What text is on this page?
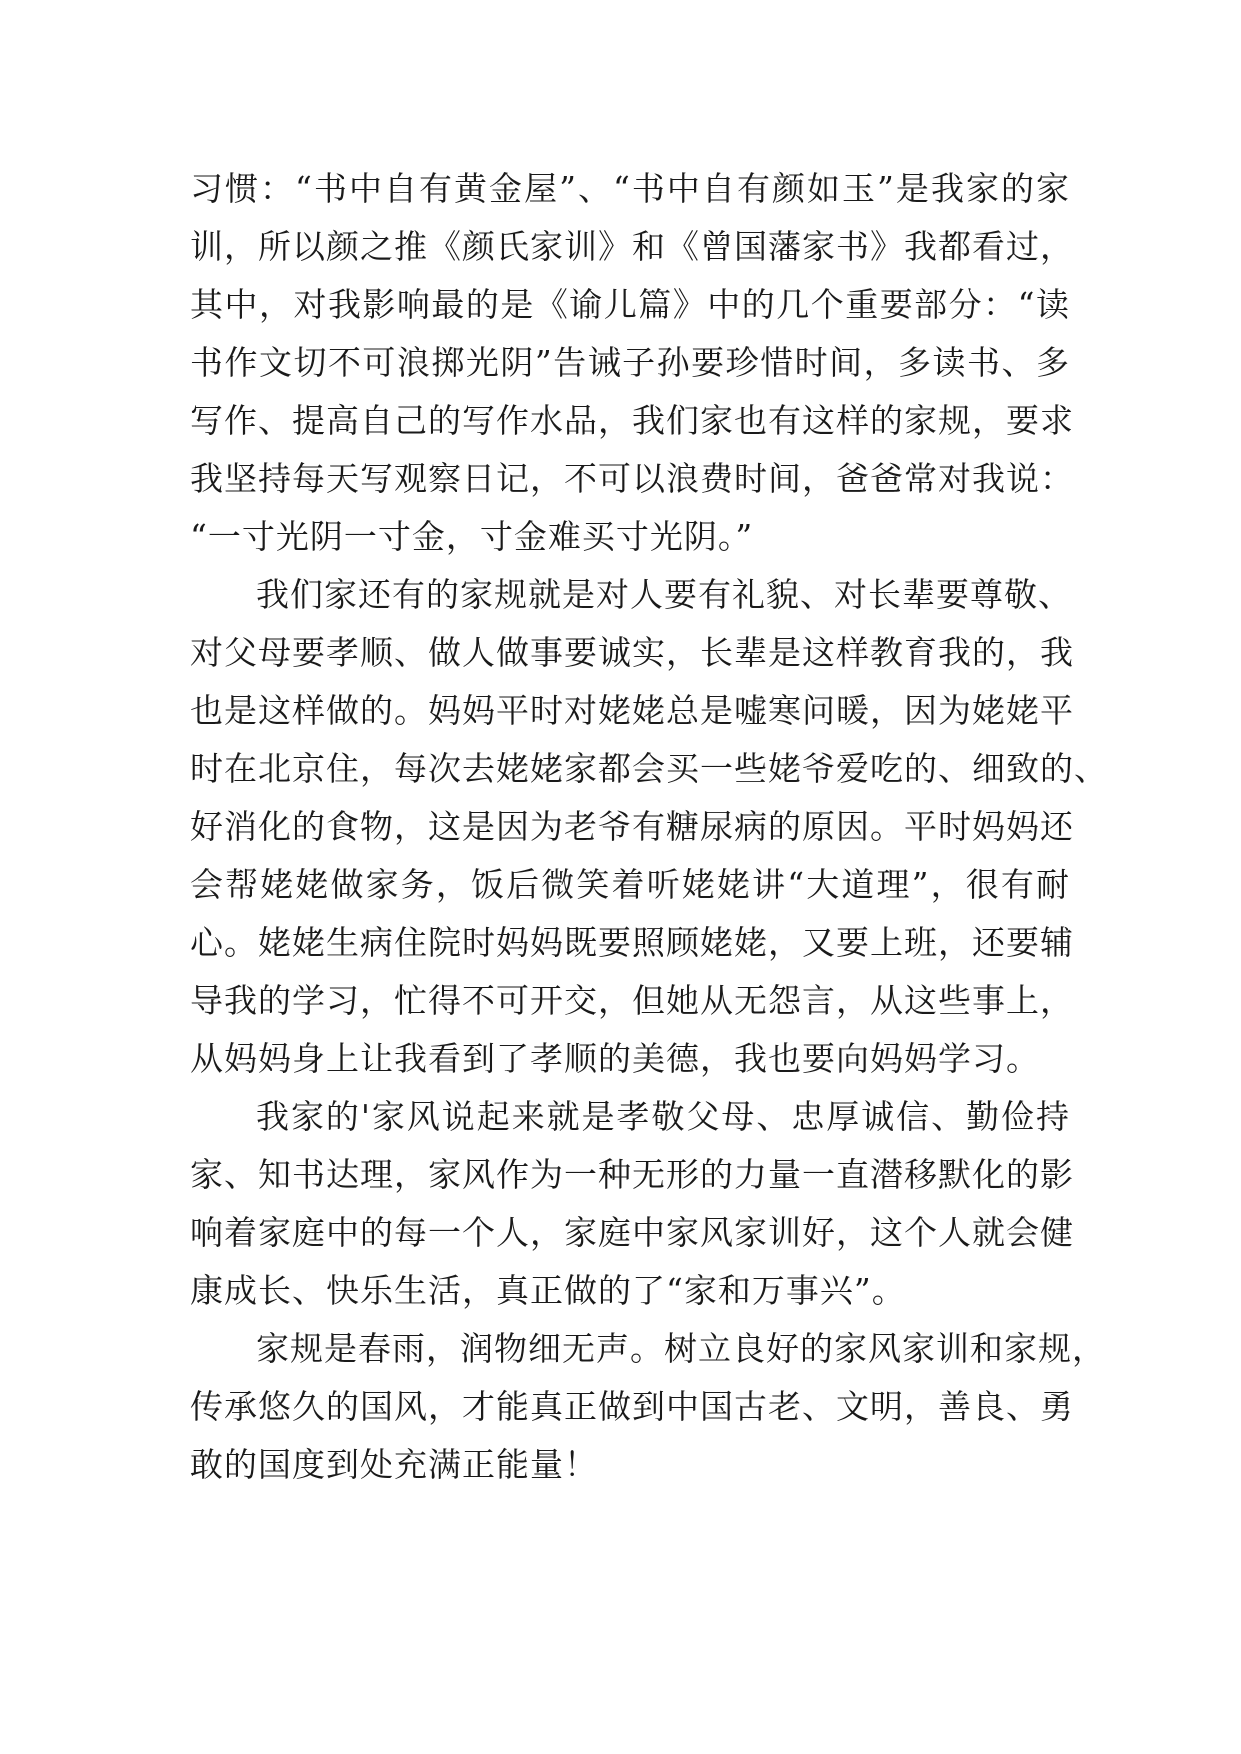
习惯：“书中自有黄金屋”、“书中自有颜如玉”是我家的家
训，所以颜之推《颜氏家训》和《曾国藩家书》我都看过，
其中，对我影响最的是《谕儿篇》中的几个重要部分：“读
书作文切不可浪掷光阴”告诫子孙要珍惜时间，多读书、多
写作、提高自己的写作水品，我们家也有这样的家规，要求
我坚持每天写观察日记，不可以浪费时间，爸爸常对我说：
“一寸光阴一寸金，寸金难买寸光阴。”
我们家还有的家规就是对人要有礼貌、对长辈要尊敬、
对父母要孝顺、做人做事要诚实，长辈是这样教育我的，我
也是这样做的。妈妈平时对姥姥总是嘘寒问暖，因为姥姥平
时在北京住，每次去姥姥家都会买一些姥爷爱吃的、细致的、
好消化的食物，这是因为老爷有糖尿病的原因。平时妈妈还
会帮姥姥做家务，饭后微笑着听姥姥讲“大道理”，很有耐
心。姥姥生病住院时妈妈既要照顾姥姥，又要上班，还要辅
导我的学习，忙得不可开交，但她从无怨言，从这些事上，
从妈妈身上让我看到了孝顺的美德，我也要向妈妈学习。
我家的'家风说起来就是孝敬父母、忠厚诚信、勤俭持
家、知书达理，家风作为一种无形的力量一直潜移默化的影
响着家庭中的每一个人，家庭中家风家训好，这个人就会健
康成长、快乐生活，真正做的了“家和万事兴”。
家规是春雨，润物细无声。树立良好的家风家训和家规，
传承悠久的国风，才能真正做到中国古老、文明，善良、勇
敢的国度到处充满正能量！
